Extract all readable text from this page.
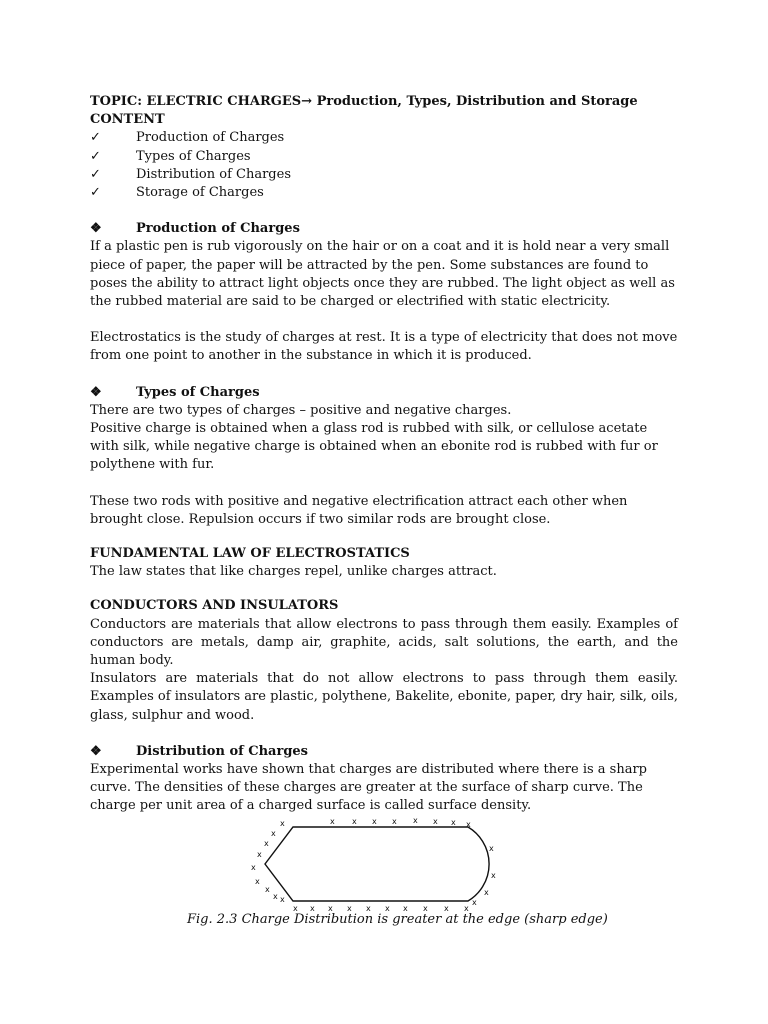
TOPIC: ELECTRIC CHARGES→ Production, Types, Distribution and Storage

CONTENT

✓	Production of Charges
✓	Types of Charges
✓	Distribution of Charges
✓	Storage of Charges
❖	Production of Charges

If a plastic pen is rub vigorously on the hair or on a coat and it is hold near a very small piece of paper, the paper will be attracted by the pen. Some substances are found to poses the ability to attract light objects once they are rubbed. The light object as well as the rubbed material are said to be charged or electrified with static electricity.

Electrostatics is the study of charges at rest. It is a type of electricity that does not move from one point to another in the substance in which it is produced.

❖	Types of Charges

There are two types of charges – positive and negative charges.

Positive charge is obtained when a glass rod is rubbed with silk, or cellulose acetate with silk, while negative charge is obtained when an ebonite rod is rubbed with fur or polythene with fur.

These two rods with positive and negative electrification attract each other when brought close. Repulsion occurs if two similar rods are brought close.

FUNDAMENTAL LAW OF ELECTROSTATICS

The law states that like charges repel, unlike charges attract.

CONDUCTORS AND INSULATORS

Conductors are materials that allow electrons to pass through them easily. Examples of conductors are metals, damp air, graphite, acids, salt solutions, the earth, and the human body.

Insulators are materials that do not allow electrons to pass through them easily. Examples of insulators are plastic, polythene, Bakelite, ebonite, paper, dry hair, silk, oils, glass, sulphur and wood.

❖	Distribution of Charges

Experimental works have shown that charges are distributed where there is a sharp curve. The densities of these charges are greater at the surface of sharp curve. The charge per unit area of a charged surface is called surface density.

x x x x x x x x
x
x
x
x
x x x x x x x x x x
x
x
x
x
x
x
x
x x
Fig. 2.3 Charge Distribution is greater at the edge (sharp edge)
